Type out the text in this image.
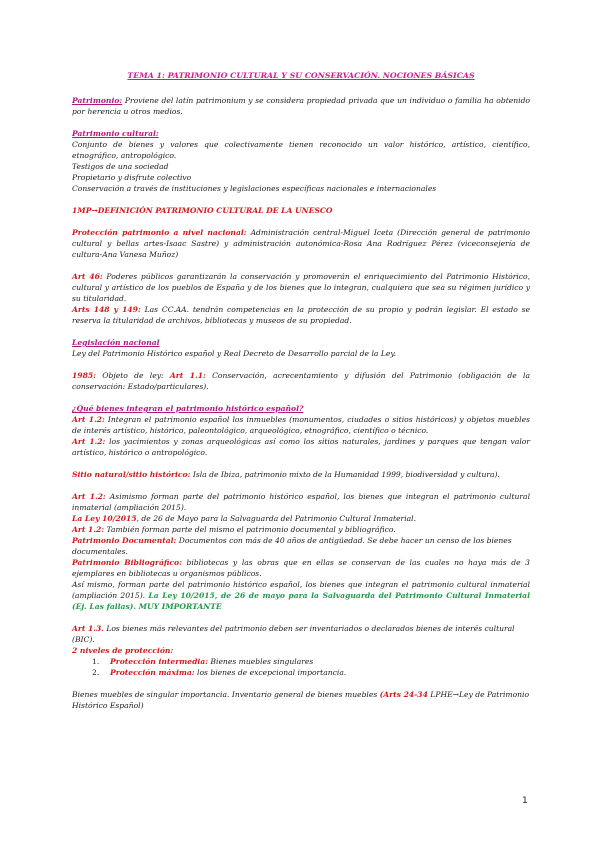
TEMA 1: PATRIMONIO CULTURAL Y SU CONSERVACIÓN. NOCIONES BÁSICAS

Patrimonio: Proviene del latín patrimonium y se considera propiedad privada que un individuo o familia ha obtenido por herencia u otros medios.

Patrimonio cultural:

Conjunto de bienes y valores que colectivamente tienen reconocido un valor histórico, artístico, científico, etnográfico, antropológico.

Testigos de una sociedad

Propietario y disfrute colectivo

Conservación a través de instituciones y legislaciones específicas nacionales e internacionales

1MP→DEFINICIÓN PATRIMONIO CULTURAL DE LA UNESCO

Protección patrimonio a nivel nacional: Administración central-Miguel Iceta (Dirección general de patrimonio cultural y bellas artes-Isaac Sastre) y administración autonómica-Rosa Ana Rodríguez Pérez (viceconsejería de cultura-Ana Vanesa Muñoz)

Art 46: Poderes públicos garantizarán la conservación y promoverán el enriquecimiento del Patrimonio Histórico, cultural y artístico de los pueblos de España y de los bienes que lo integran, cualquiera que sea su régimen jurídico y su titularidad.

Arts 148 y 149: Las CC.AA. tendrán competencias en la protección de su propio y podrán legislar. El estado se reserva la titularidad de archivos, bibliotecas y museos de su propiedad.

Legislación nacional

Ley del Patrimonio Histórico español y Real Decreto de Desarrollo parcial de la Ley.

1985: Objeto de ley: Art 1.1: Conservación, acrecentamiento y difusión del Patrimonio (obligación de la conservación: Estado/particulares).

¿Qué bienes integran el patrimonio histórico español?

Art 1.2: Integran el patrimonio español los inmuebles (monumentos, ciudades o sitios históricos) y objetos muebles de interés artístico, histórico, paleontológico, arqueológico, etnográfico, científico o técnico.

Art 1.2: los yacimientos y zonas arqueológicas así como los sitios naturales, jardines y parques que tengan valor artístico, histórico o antropológico.

Sitio natural/sitio histórico: Isla de Ibiza, patrimonio mixto de la Humanidad 1999, biodiversidad y cultura).

Art 1.2: Asimismo forman parte del patrimonio histórico español, los bienes que integran el patrimonio cultural inmaterial (ampliación 2015).

La Ley 10/2015, de 26 de Mayo para la Salvaguarda del Patrimonio Cultural Inmaterial.

Art 1.2: También forman parte del mismo el patrimonio documental y bibliográfico.

Patrimonio Documental: Documentos con más de 40 años de antigüedad. Se debe hacer un censo de los bienes documentales.

Patrimonio Bibliográfico: bibliotecas y las obras que en ellas se conservan de las cuales no haya más de 3 ejemplares en bibliotecas u organismos públicos.

Así mismo, forman parte del patrimonio histórico español, los bienes que integran el patrimonio cultural inmaterial (ampliación 2015). La Ley 10/2015, de 26 de mayo para la Salvaguarda del Patrimonio Cultural Inmaterial (Ej. Las fallas). MUY IMPORTANTE

Art 1.3. Los bienes más relevantes del patrimonio deben ser inventariados o declarados bienes de interés cultural (BIC).

2 niveles de protección:

1. Protección intermedia: Bienes muebles singulares
2. Protección máxima: los bienes de excepcional importancia.

Bienes muebles de singular importancia. Inventario general de bienes muebles (Arts 24-34 LPHE→Ley de Patrimonio Histórico Español)

1
